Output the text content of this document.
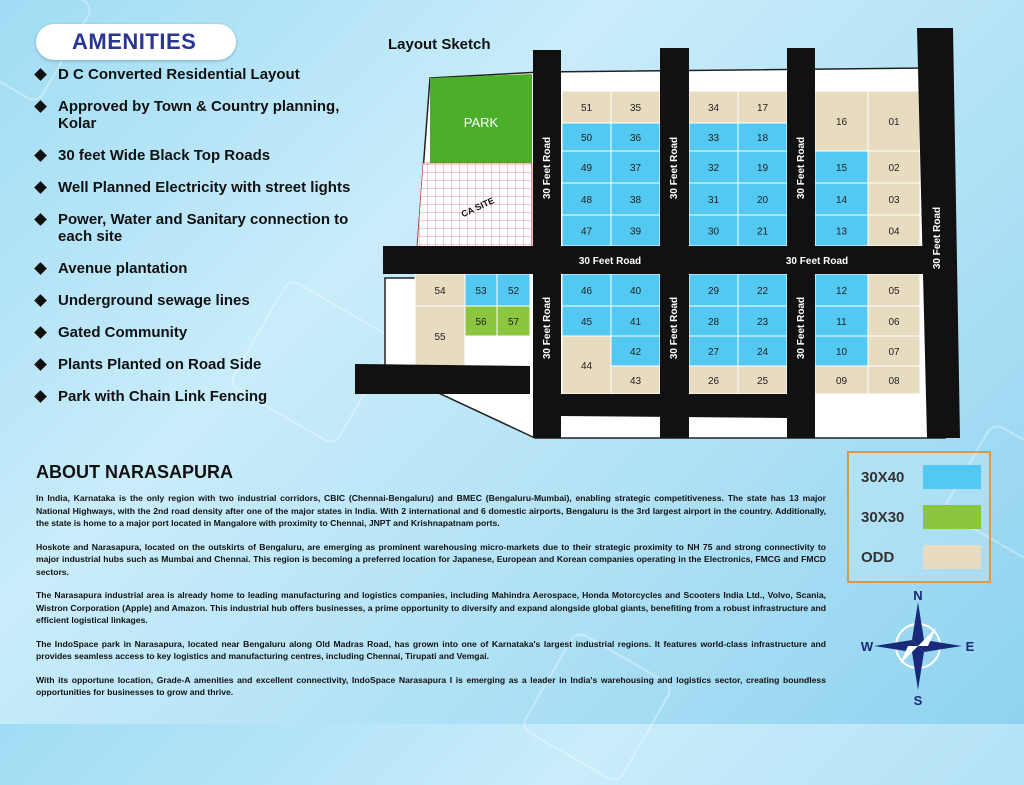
AMENITIES
D C Converted Residential Layout
Approved by Town & Country planning, Kolar
30 feet Wide Black Top Roads
Well Planned Electricity with street lights
Power, Water and Sanitary connection to each site
Avenue plantation
Underground sewage lines
Gated Community
Plants Planted on Road Side
Park with Chain Link Fencing
Layout Sketch
PARK
CA SITE
51	35
50	36
49	37
48	38
47	39
34	17
33	18
32	19
31	20
30	21
16	01
15	02
14	03
13	04
46	40
45	41
44
42
43
29	22
28	23
27	24
26	25
12	05
11	06
10	07
09	08
54	53 52
55
56 57
30 Feet Road	30 Feet Road	30 Feet Road
30 Feet Road
30 Feet Road	30 Feet Road
30 Feet Road	30 Feet Road	30 Feet Road
ABOUT NARASAPURA

In India, Karnataka is the only region with two industrial corridors, CBIC (Chennai-Bengaluru) and BMEC (Bengaluru-Mumbai), enabling strategic competitiveness. The state has 13 major National Highways, with the 2nd road density after one of the major states in India. With 2 international and 6 domestic airports, Bengaluru is the 3rd largest airport in the country. Additionally, the state is home to a major port located in Mangalore with proximity to Chennai, JNPT and Krishnapatnam ports.

Hoskote and Narasapura, located on the outskirts of Bengaluru, are emerging as prominent warehousing micro-markets due to their strategic proximity to NH 75 and strong connectivity to major industrial hubs such as Mumbai and Chennai. This region is becoming a preferred location for Japanese, European and Korean companies operating in the Electronics, FMCG and FMCD sectors.

The Narasapura industrial area is already home to leading manufacturing and logistics companies, including Mahindra Aerospace, Honda Motorcycles and Scooters India Ltd., Volvo, Scania, Wistron Corporation (Apple) and Amazon. This industrial hub offers businesses, a prime opportunity to diversify and expand alongside global giants, benefiting from a robust infrastructure and efficient logistical linkages.

The IndoSpace park in Narasapura, located near Bengaluru along Old Madras Road, has grown into one of Karnataka's largest industrial regions. It features world-class infrastructure and provides seamless access to key logistics and manufacturing centres, including Chennai, Tirupati and Vemgai.

With its opportune location, Grade-A amenities and excellent connectivity, IndoSpace Narasapura I is emerging as a leader in India's warehousing and logistics sector, creating boundless opportunities for businesses to grow and thrive.

30X40
30X30
ODD
N
S
W	E
